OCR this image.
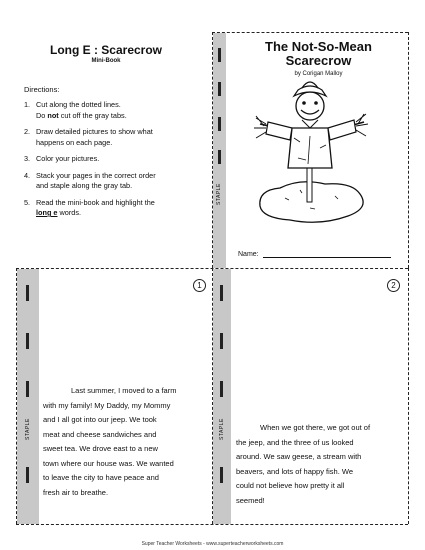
Long E : Scarecrow
Mini-Book
Directions:
1. Cut along the dotted lines.
Do not cut off the gray tabs.
2. Draw detailed pictures to show what
happens on each page.
3. Color your pictures.
4. Stack your pages in the correct order
and staple along the gray tab.
5. Read the mini-book and highlight the
long e words.
STAPLE
The Not-So-Mean
Scarecrow
by Corigan Malloy
Name:
STAPLE
1
Last summer, I moved to a farm
with my family! My Daddy, my Mommy
and I all got into our jeep. We took
meat and cheese sandwiches and
sweet tea. We drove east to a new
town where our house was. We wanted
to leave the city to have peace and
fresh air to breathe.
STAPLE
2
When we got there, we got out of
the jeep, and the three of us looked
around. We saw geese, a stream with
beavers, and lots of happy fish. We
could not believe how pretty it all
seemed!
Super Teacher Worksheets - www.superteacherworksheets.com
